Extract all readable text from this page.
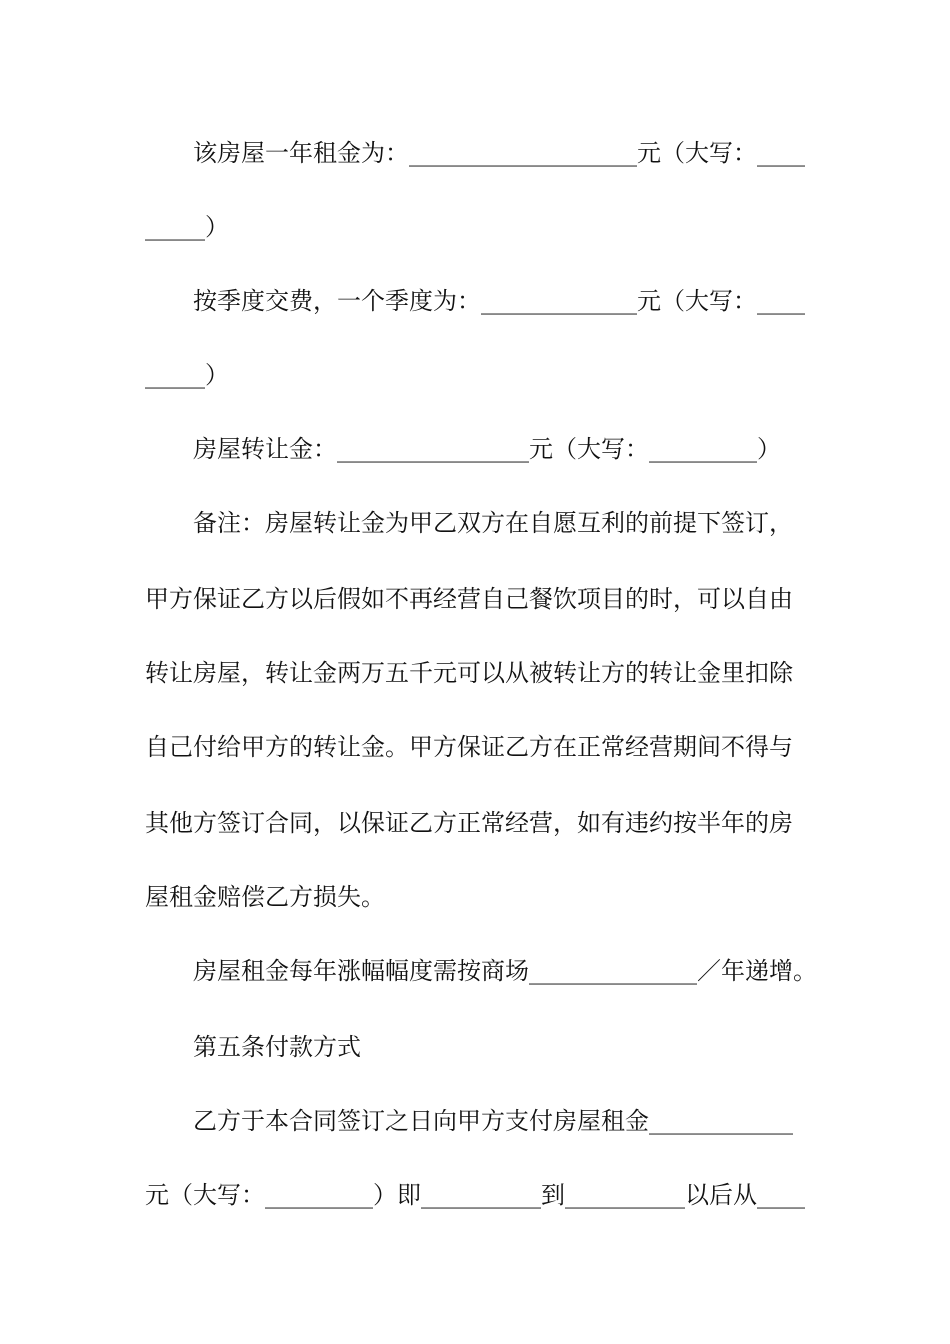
该房屋一年租金为：___________________元（大写：____
_____）
按季度交费，一个季度为：_____________元（大写：____
_____）
房屋转让金：________________元（大写：_________）
备注：房屋转让金为甲乙双方在自愿互利的前提下签订，
甲方保证乙方以后假如不再经营自己餐饮项目的时，可以自由
转让房屋，转让金两万五千元可以从被转让方的转让金里扣除
自己付给甲方的转让金。甲方保证乙方在正常经营期间不得与
其他方签订合同，以保证乙方正常经营，如有违约按半年的房
屋租金赔偿乙方损失。
房屋租金每年涨幅幅度需按商场______________／年递增。
第五条付款方式
乙方于本合同签订之日向甲方支付房屋租金____________
元（大写：_________）即__________到__________以后从____
